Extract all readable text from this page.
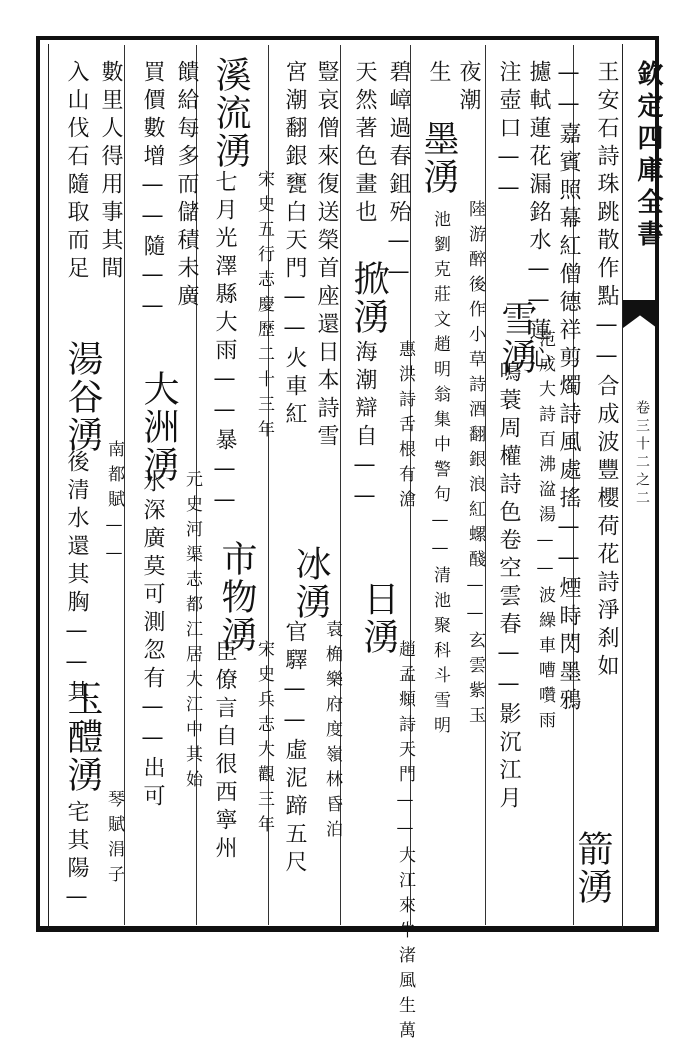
欽定四庫全書
卷三十二之二
王安石詩珠跳散作點——合成波豐櫻荷花詩淨刹如
箭湧
——嘉賓照幕紅僧德祥剪燭詩風處搖——煙時閃墨鴉
攄軾蓮花漏銘水——蓮心
雪湧
范成大詩百沸湓湯——波繰車嘈囋雨
注壺口——
鳴蓑周權詩色卷空雲春——影沉江月
夜潮
墨湧
陸游醉後作小草詩酒翻銀浪紅螺醆——玄雲紫玉
生
池劉克莊文趙明翁集中警句——清池聚科斗雪明
碧嶂過春鉏殆——
掀湧
惠洪詩舌根有滄
日湧
趙孟頫詩天門——大江來牛渚風生萬
天然著色畫也
海潮辯自——
豎哀僧來復送榮首座還日本詩雪
冰湧
袁桷樂府度嶺林昏泊
宮潮翻銀甕白天門——火車紅
官驛——虛泥蹄五尺
溪流湧
宋史五行志慶歷二十三年
七月光澤縣大雨——暴——
市物湧
宋史兵志大觀三年
臣僚言自很西寧州
饋給每多而儲積未廣
大洲湧
元史河渠志都江居大江中其始
買價數增——隨——
水深廣莫可測忽有——出可
數里人得用事其間
湯谷湧
南都賦——
入山伐石隨取而足
後清水還其胸——其
玉醴湧
琴賦涓子
宅其陽——
